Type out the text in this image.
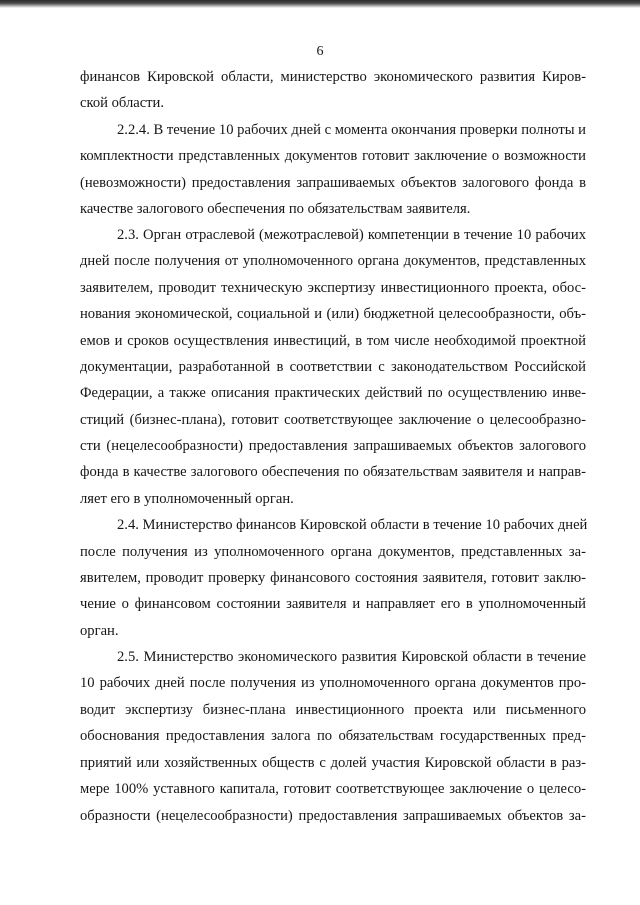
6
финансов Кировской области, министерство экономического развития Киров-
ской области.
2.2.4. В течение 10 рабочих дней с момента окончания проверки полноты и
комплектности представленных документов готовит заключение о возможности
(невозможности) предоставления запрашиваемых объектов залогового фонда в
качестве залогового обеспечения по обязательствам заявителя.
2.3. Орган отраслевой (межотраслевой) компетенции в течение 10 рабочих
дней после получения от уполномоченного органа документов, представленных
заявителем, проводит техническую экспертизу инвестиционного проекта, обос-
нования экономической, социальной и (или) бюджетной целесообразности, объ-
емов и сроков осуществления инвестиций, в том числе необходимой проектной
документации, разработанной в соответствии с законодательством Российской
Федерации, а также описания практических действий по осуществлению инве-
стиций (бизнес-плана), готовит соответствующее заключение о целесообразно-
сти (нецелесообразности) предоставления запрашиваемых объектов залогового
фонда в качестве залогового обеспечения по обязательствам заявителя и направ-
ляет его в уполномоченный орган.
2.4. Министерство финансов Кировской области в течение 10 рабочих дней
после получения из уполномоченного органа документов, представленных за-
явителем, проводит проверку финансового состояния заявителя, готовит заклю-
чение о финансовом состоянии заявителя и направляет его в уполномоченный
орган.
2.5. Министерство экономического развития Кировской области в течение
10 рабочих дней после получения из уполномоченного органа документов про-
водит экспертизу бизнес-плана инвестиционного проекта или письменного
обоснования предоставления залога по обязательствам государственных пред-
приятий или хозяйственных обществ с долей участия Кировской области в раз-
мере 100% уставного капитала, готовит соответствующее заключение о целесо-
образности (нецелесообразности) предоставления запрашиваемых объектов за-
